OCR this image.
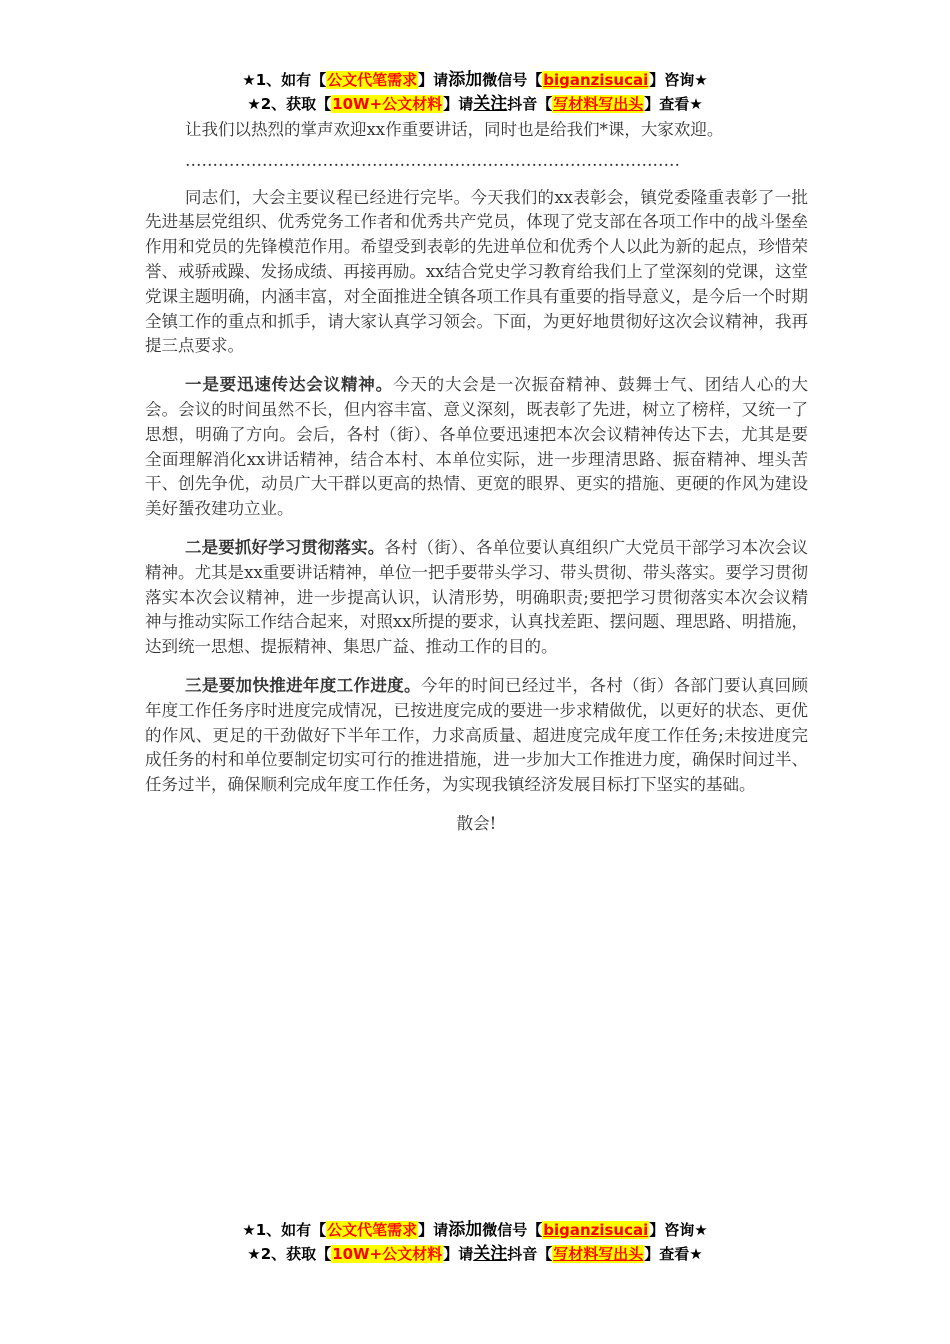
★1、如有【公文代笔需求】请添加微信号【biganzisucai】咨询★
★2、获取【10W+公文材料】请关注抖音【写材料写出头】查看★

让我们以热烈的掌声欢迎xx作重要讲话，同时也是给我们*课，大家欢迎。

………………………………………………………………………………

同志们，大会主要议程已经进行完毕。今天我们的xx表彰会，镇党委隆重表彰了一批先进基层党组织、优秀党务工作者和优秀共产党员，体现了党支部在各项工作中的战斗堡垒作用和党员的先锋模范作用。希望受到表彰的先进单位和优秀个人以此为新的起点，珍惜荣誉、戒骄戒躁、发扬成绩、再接再励。xx结合党史学习教育给我们上了堂深刻的党课，这堂党课主题明确，内涵丰富，对全面推进全镇各项工作具有重要的指导意义，是今后一个时期全镇工作的重点和抓手，请大家认真学习领会。下面，为更好地贯彻好这次会议精神，我再提三点要求。

一是要迅速传达会议精神。今天的大会是一次振奋精神、鼓舞士气、团结人心的大会。会议的时间虽然不长，但内容丰富、意义深刻，既表彰了先进，树立了榜样，又统一了思想，明确了方向。会后，各村（街）、各单位要迅速把本次会议精神传达下去，尤其是要全面理解消化xx讲话精神，结合本村、本单位实际，进一步理清思路、振奋精神、埋头苦干、创先争优，动员广大干群以更高的热情、更宽的眼界、更实的措施、更硬的作风为建设美好蜑孜建功立业。

二是要抓好学习贯彻落实。各村（街）、各单位要认真组织广大党员干部学习本次会议精神。尤其是xx重要讲话精神，单位一把手要带头学习、带头贯彻、带头落实。要学习贯彻落实本次会议精神，进一步提高认识，认清形势，明确职责;要把学习贯彻落实本次会议精神与推动实际工作结合起来，对照xx所提的要求，认真找差距、摆问题、理思路、明措施，达到统一思想、提振精神、集思广益、推动工作的目的。

三是要加快推进年度工作进度。今年的时间已经过半，各村（街）各部门要认真回顾年度工作任务序时进度完成情况，已按进度完成的要进一步求精做优，以更好的状态、更优的作风、更足的干劲做好下半年工作，力求高质量、超进度完成年度工作任务;未按进度完成任务的村和单位要制定切实可行的推进措施，进一步加大工作推进力度，确保时间过半、任务过半，确保顺利完成年度工作任务，为实现我镇经济发展目标打下坚实的基础。

散会!

★1、如有【公文代笔需求】请添加微信号【biganzisucai】咨询★
★2、获取【10W+公文材料】请关注抖音【写材料写出头】查看★
